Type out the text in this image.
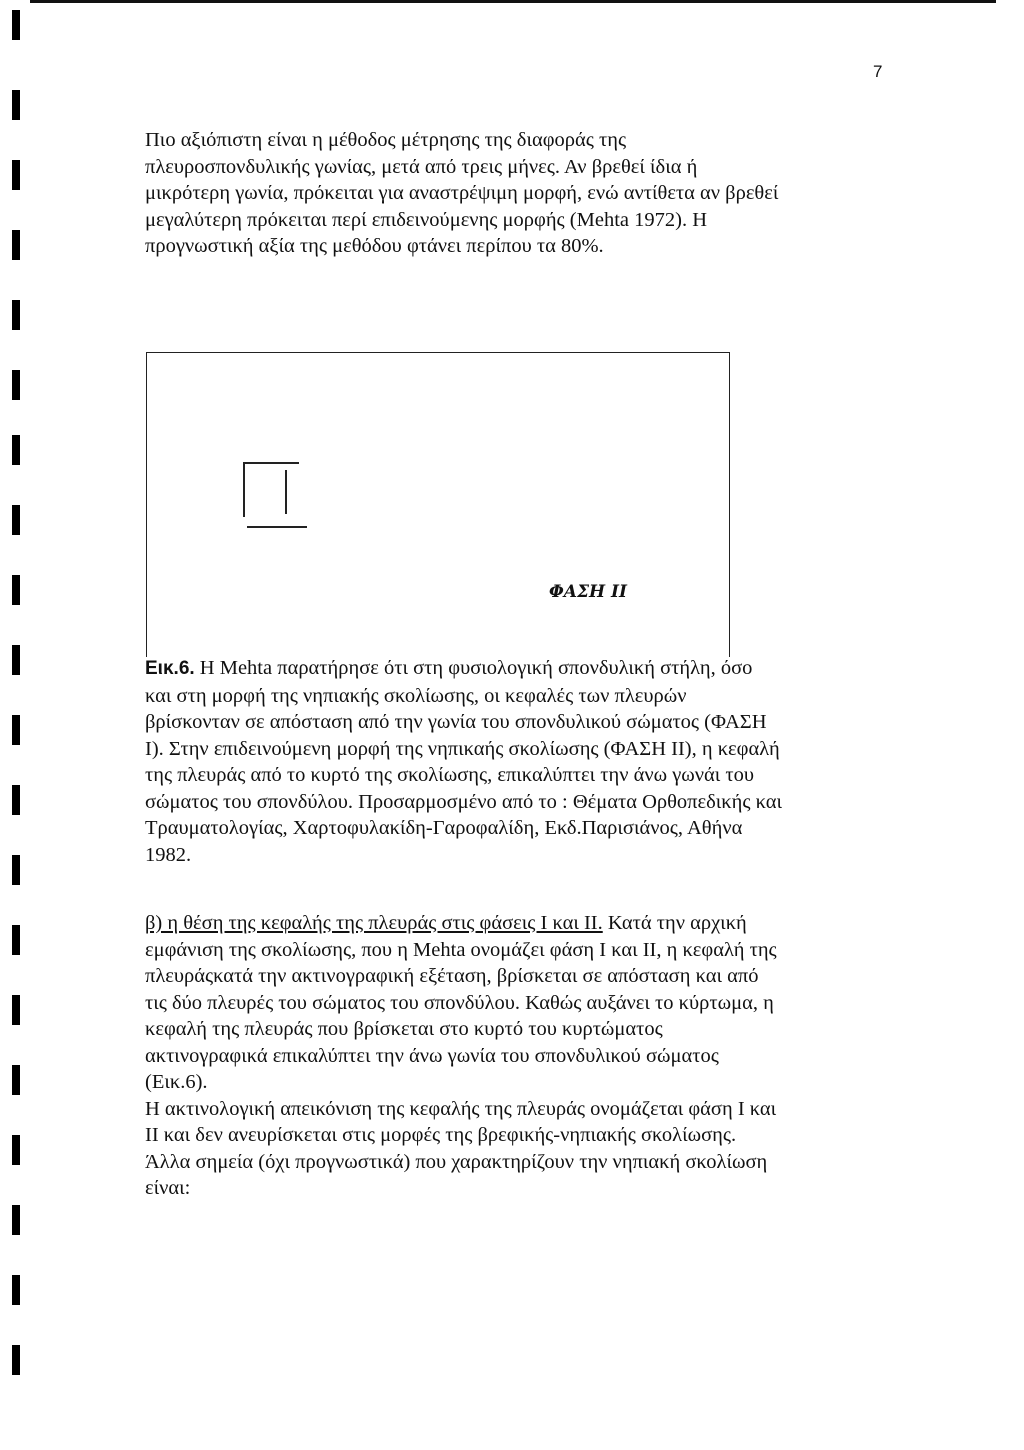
7

Πιο αξιόπιστη είναι η μέθοδος μέτρησης της διαφοράς της
πλευροσπονδυλικής γωνίας, μετά από τρεις μήνες. Αν βρεθεί ίδια ή
μικρότερη γωνία, πρόκειται για αναστρέψιμη μορφή, ενώ αντίθετα αν βρεθεί
μεγαλύτερη πρόκειται περί επιδεινούμενης μορφής (Mehta 1972). Η
προγνωστική αξία της μεθόδου φτάνει περίπου τα 80%.

ΦΑΣΗ ΙΙ

Εικ.6. Η Mehta παρατήρησε ότι στη φυσιολογική σπονδυλική στήλη, όσο
και στη μορφή της νηπιακής σκολίωσης, οι κεφαλές των πλευρών
βρίσκονταν σε απόσταση από την γωνία του σπονδυλικού σώματος (ΦΑΣΗ
Ι). Στην επιδεινούμενη μορφή της νηπικαής σκολίωσης (ΦΑΣΗ ΙΙ), η κεφαλή
της πλευράς από το κυρτό της σκολίωσης, επικαλύπτει την άνω γωνάι του
σώματος του σπονδύλου. Προσαρμοσμένο από το : Θέματα Ορθοπεδικής και
Τραυματολογίας, Χαρτοφυλακίδη-Γαροφαλίδη, Εκδ.Παρισιάνος, Αθήνα
1982.

β) η θέση της κεφαλής της πλευράς στις φάσεις Ι και ΙΙ. Κατά την αρχική
εμφάνιση της σκολίωσης, που η Mehta ονομάζει φάση Ι και ΙΙ, η κεφαλή της
πλευράςκατά την ακτινογραφική εξέταση, βρίσκεται σε απόσταση και από
τις δύο πλευρές του σώματος του σπονδύλου. Καθώς αυξάνει το κύρτωμα, η
κεφαλή της πλευράς που βρίσκεται στο κυρτό του κυρτώματος
ακτινογραφικά επικαλύπτει την άνω γωνία του σπονδυλικού σώματος
(Εικ.6).
Η ακτινολογική απεικόνιση της κεφαλής της πλευράς ονομάζεται φάση Ι και
ΙΙ και δεν ανευρίσκεται στις μορφές της βρεφικής-νηπιακής σκολίωσης.
Άλλα σημεία (όχι προγνωστικά) που χαρακτηρίζουν την νηπιακή σκολίωση
είναι:
